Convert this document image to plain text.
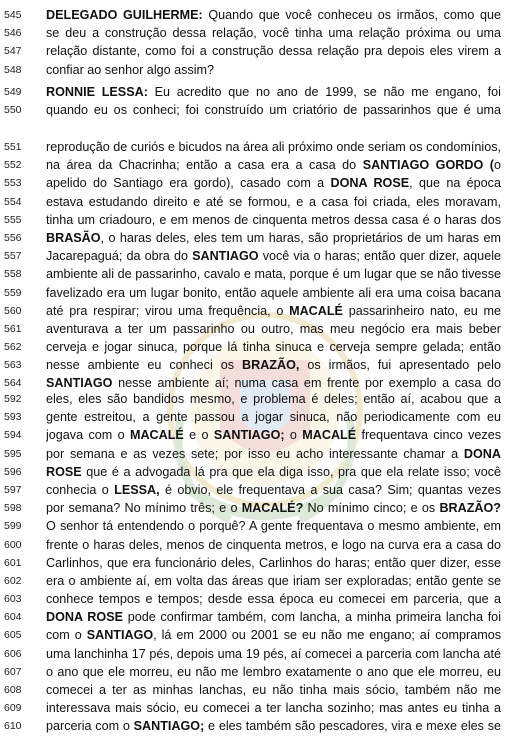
545	DELEGADO GUILHERME: Quando que você conheceu os irmãos, como que
546	se deu a construção dessa relação, você tinha uma relação próxima ou uma
547	relação distante, como foi a construção dessa relação pra depois eles virem a
548	confiar ao senhor algo assim?
549	RONNIE LESSA: Eu acredito que no ano de 1999, se não me engano, foi
550	quando eu os conheci; foi construído um criatório de passarinhos que é uma
551	reprodução de curiós e bicudos na área ali próximo onde seriam os condomínios,
552	na área da Chacrinha; então a casa era a casa do SANTIAGO GORDO (o
553	apelido do Santiago era gordo), casado com a DONA ROSE, que na época
554	estava estudando direito e até se formou, e a casa foi criada, eles moravam,
555	tinha um criadouro, e em menos de cinquenta metros dessa casa é o haras dos
556	BRASÃO, o haras deles, eles tem um haras, são proprietários de um haras em
557	Jacarepaguá; da obra do SANTIAGO você via o haras; então quer dizer, aquele
558	ambiente ali de passarinho, cavalo e mata, porque é um lugar que se não tivesse
559	favelizado era um lugar bonito, então aquele ambiente ali era uma coisa bacana
560	até pra respirar; virou uma frequência, o MACALÉ passarinheiro nato, eu me
561	aventurava a ter um passarinho ou outro, mas meu negócio era mais beber
562	cerveja e jogar sinuca, porque lá tinha sinuca e cerveja sempre gelada; então
563	nesse ambiente eu conheci os BRAZÃO, os irmãos, fui apresentado pelo
564	SANTIAGO nesse ambiente aí; numa casa em frente por exemplo a casa do
592	eles, eles são bandidos mesmo, e problema é deles; então aí, acabou que a
593	gente estreitou, a gente passou a jogar sinuca, não periodicamente com eu
594	jogava com o MACALÉ e o SANTIAGO; o MACALÉ frequentava cinco vezes
595	por semana e as vezes sete; por isso eu acho interessante chamar a DONA
596	ROSE que é a advogada lá pra que ela diga isso, pra que ela relate isso; você
597	conhecia o LESSA, é obvio, ele frequentava a sua casa? Sim; quantas vezes
598	por semana? No mínimo três; e o MACALÉ? No mínimo cinco; e os BRAZÃO?
599	O senhor tá entendendo o porquê? A gente frequentava o mesmo ambiente, em
600	frente o haras deles, menos de cinquenta metros, e logo na curva era a casa do
601	Carlinhos, que era funcionário deles, Carlinhos do haras; então quer dizer, esse
602	era o ambiente aí, em volta das áreas que iriam ser exploradas; então gente se
603	conhece tempos e tempos; desde essa época eu comecei em parceria, que a
604	DONA ROSE pode confirmar também, com lancha, a minha primeira lancha foi
605	com o SANTIAGO, lá em 2000 ou 2001 se eu não me engano; aí compramos
606	uma lanchinha 17 pés, depois uma 19 pés, aí comecei a parceria com lancha até
607	o ano que ele morreu, eu não me lembro exatamente o ano que ele morreu, eu
608	comecei a ter as minhas lanchas, eu não tinha mais sócio, também não me
609	interessava mais sócio, eu comecei a ter lancha sozinho; mas antes eu tinha a
610	parceria com o SANTIAGO; e eles também são pescadores, vira e mexe eles se
